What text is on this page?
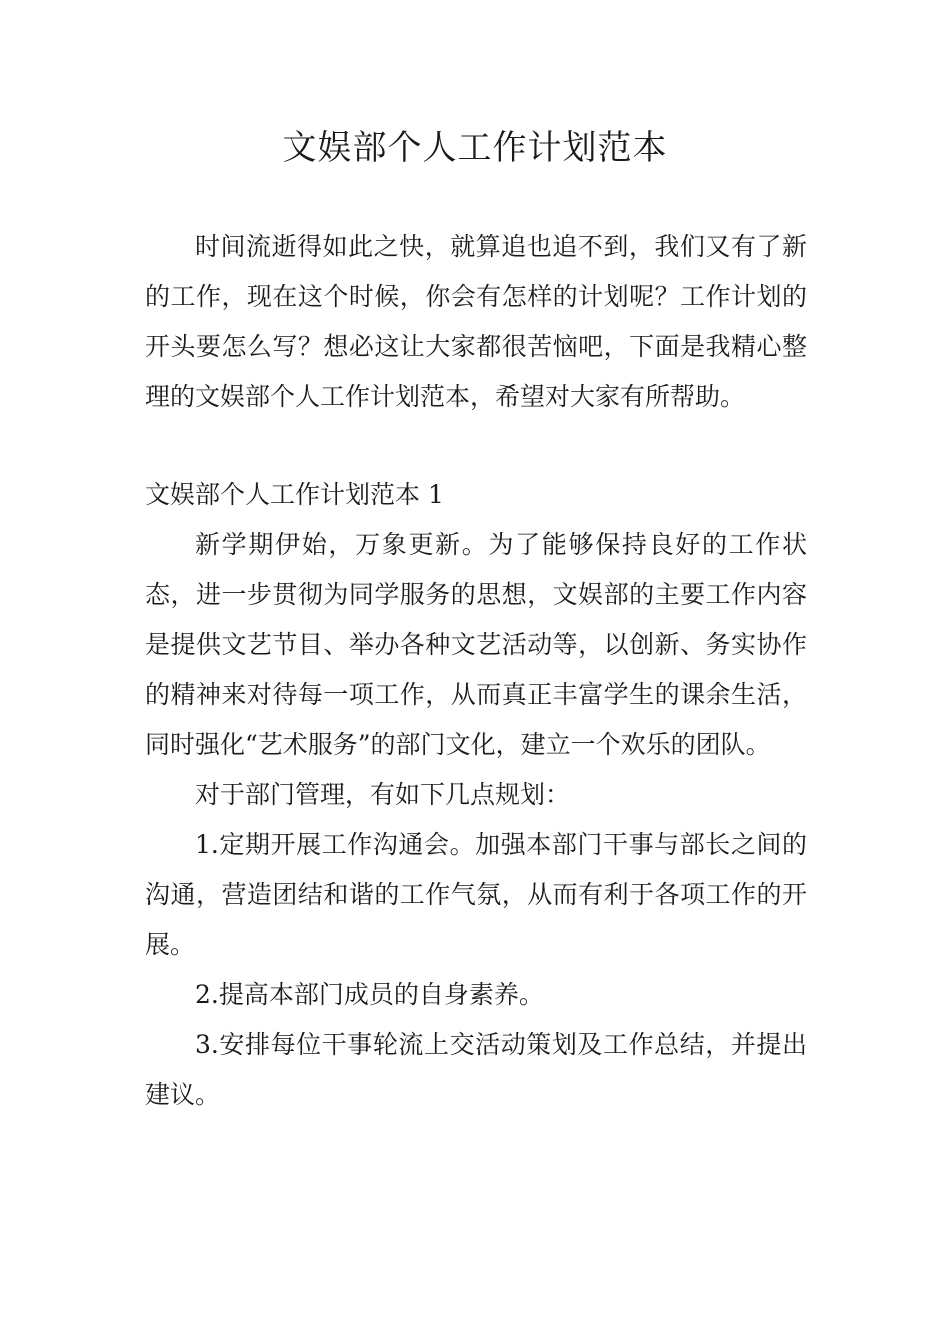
文娱部个人工作计划范本

时间流逝得如此之快，就算追也追不到，我们又有了新的工作，现在这个时候，你会有怎样的计划呢？工作计划的开头要怎么写？想必这让大家都很苦恼吧，下面是我精心整理的文娱部个人工作计划范本，希望对大家有所帮助。

文娱部个人工作计划范本 1

新学期伊始，万象更新。为了能够保持良好的工作状态，进一步贯彻为同学服务的思想，文娱部的主要工作内容是提供文艺节目、举办各种文艺活动等，以创新、务实协作的精神来对待每一项工作，从而真正丰富学生的课余生活，同时强化“艺术服务”的部门文化，建立一个欢乐的团队。

对于部门管理，有如下几点规划：

1.定期开展工作沟通会。加强本部门干事与部长之间的沟通，营造团结和谐的工作气氛，从而有利于各项工作的开展。

2.提高本部门成员的自身素养。

3.安排每位干事轮流上交活动策划及工作总结，并提出建议。
